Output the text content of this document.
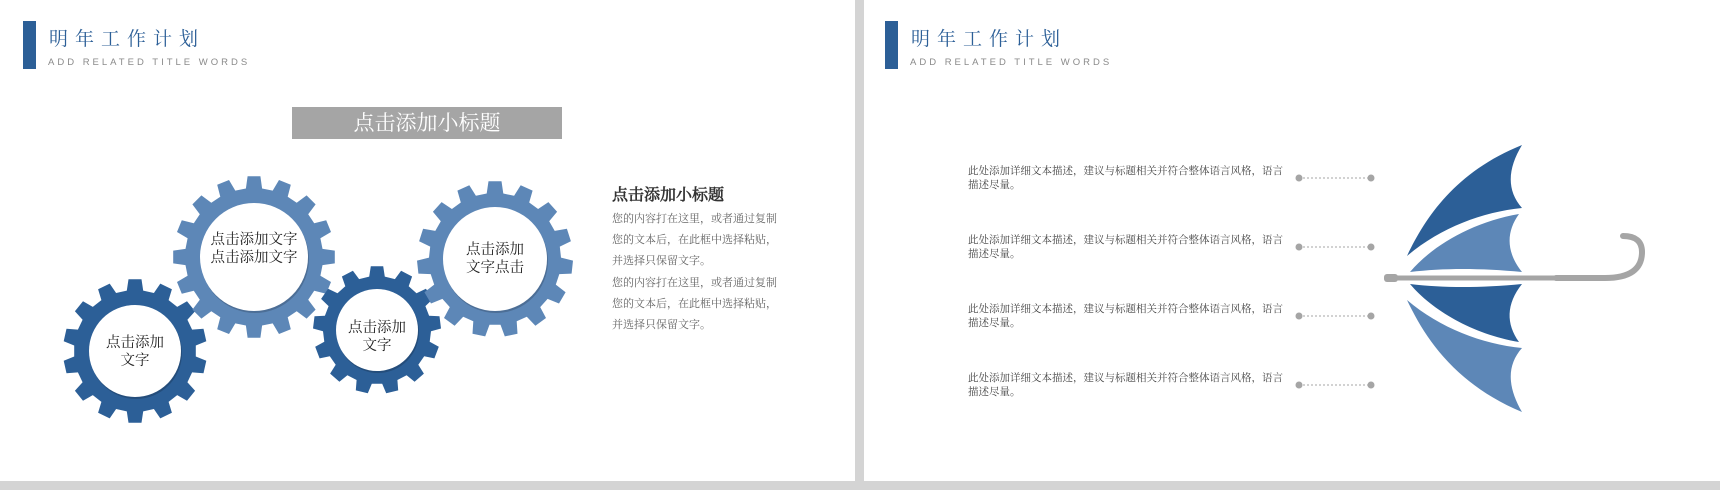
明年工作计划
ADD RELATED TITLE WORDS
点击添加小标题
点击添加文字
点击添加文字点击添加文字
点击添加文字
点击添加文字点击
点击添加小标题
您的内容打在这里，或者通过复制您的文本后，在此框中选择粘贴，并选择只保留文字。
您的内容打在这里，或者通过复制您的文本后，在此框中选择粘贴，并选择只保留文字。
明年工作计划
ADD RELATED TITLE WORDS
此处添加详细文本描述，建议与标题相关并符合整体语言风格，语言描述尽量。
此处添加详细文本描述，建议与标题相关并符合整体语言风格，语言描述尽量。
此处添加详细文本描述，建议与标题相关并符合整体语言风格，语言描述尽量。
此处添加详细文本描述，建议与标题相关并符合整体语言风格，语言描述尽量。
